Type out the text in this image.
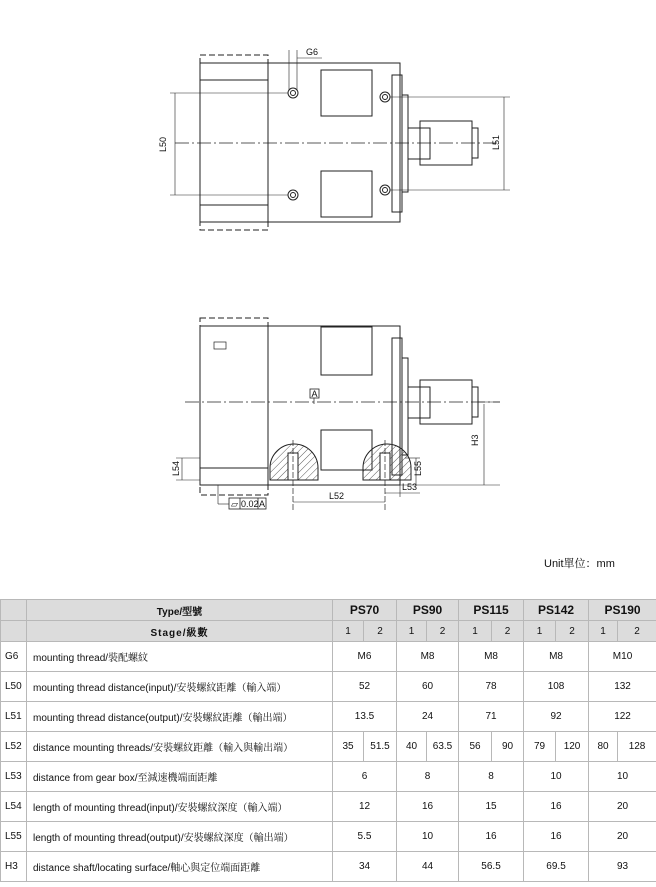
G6
L50	L51
A
H3
L54	L55
L52
L53
⏥ 0.02 A
Unit單位：mm
	Type/型號	PS70		PS90		PS115		PS142		PS190	
	Stage/級數	1	2	1	2	1	2	1	2	1	2
G6	mounting thread/裝配螺紋	M6		M8		M8		M8		M10	
L50	mounting thread distance(input)/安裝螺紋距離（輸入端）	52		60		78		108		132	
L51	mounting thread distance(output)/安裝螺紋距離（輸出端）	13.5		24		71		92		122	
L52	distance mounting threads/安裝螺紋距離（輸入與輸出端）	35	51.5	40	63.5	56	90	79	120	80	128
L53	distance from gear box/至減速機端面距離	6		8		8		10		10	
L54	length of mounting thread(input)/安裝螺紋深度（輸入端）	12		16		15		16		20	
L55	length of mounting thread(output)/安裝螺紋深度（輸出端）	5.5		10		16		16		20	
H3	distance shaft/locating surface/軸心與定位端面距離	34		44		56.5		69.5		93	
